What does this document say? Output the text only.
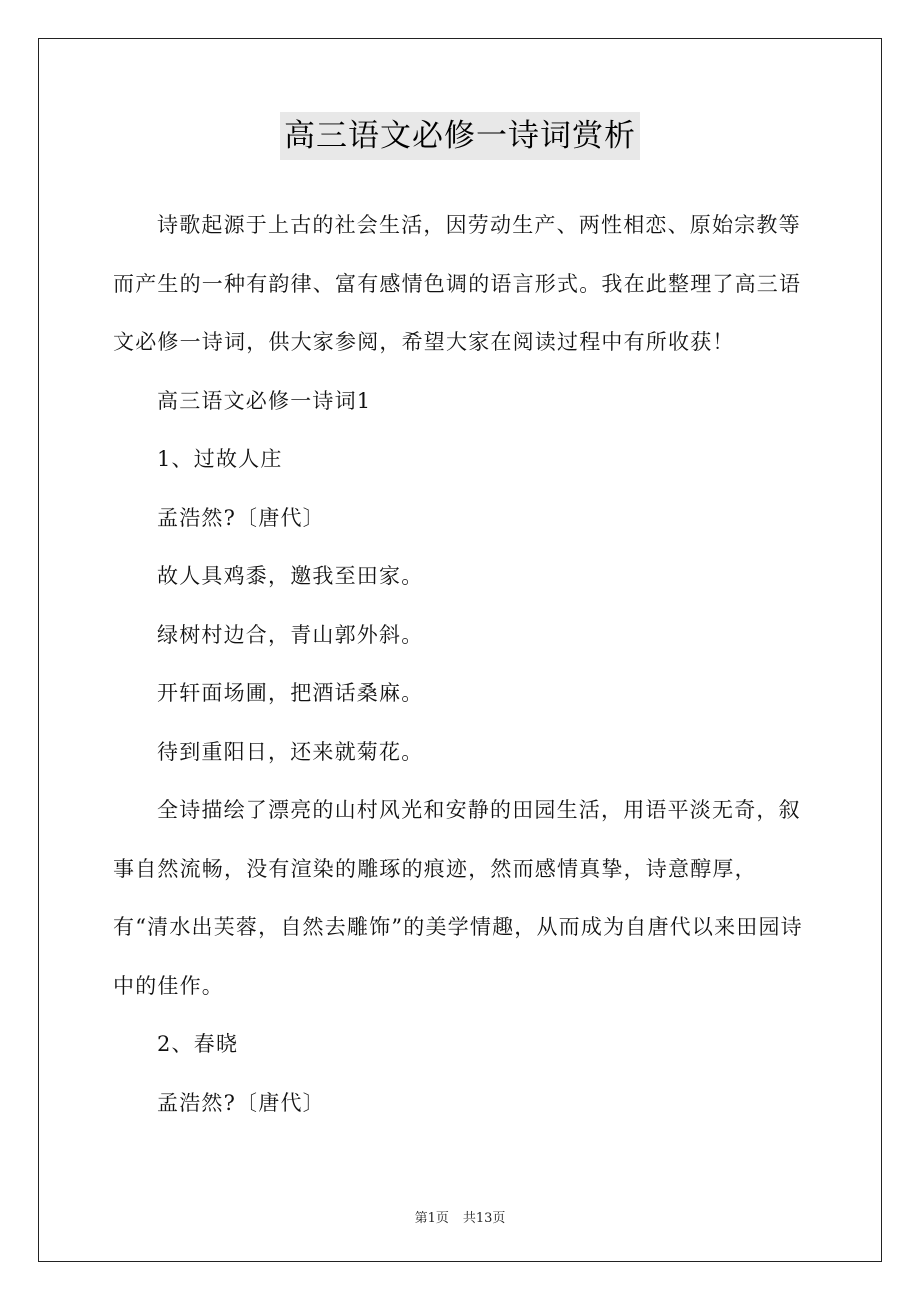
高三语文必修一诗词赏析

诗歌起源于上古的社会生活，因劳动生产、两性相恋、原始宗教等而产生的一种有韵律、富有感情色调的语言形式。我在此整理了高三语文必修一诗词，供大家参阅，希望大家在阅读过程中有所收获！

高三语文必修一诗词1

1、过故人庄

孟浩然?〔唐代〕

故人具鸡黍，邀我至田家。

绿树村边合，青山郭外斜。

开轩面场圃，把酒话桑麻。

待到重阳日，还来就菊花。

全诗描绘了漂亮的山村风光和安静的田园生活，用语平淡无奇，叙事自然流畅，没有渲染的雕琢的痕迹，然而感情真挚，诗意醇厚，有“清水出芙蓉，自然去雕饰”的美学情趣，从而成为自唐代以来田园诗中的佳作。

2、春晓

孟浩然?〔唐代〕

第1页 共13页
